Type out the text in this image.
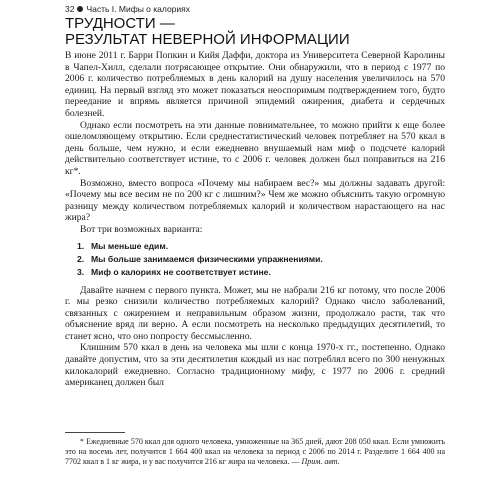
32 Часть I. Мифы о калориях
ТРУДНОСТИ —
РЕЗУЛЬТАТ НЕВЕРНОЙ ИНФОРМАЦИИ

В июне 2011 г. Барри Попкин и Кийя Даффи, доктора из Университета Северной Каролины в Чапел-Хилл, сделали потрясающее открытие. Они обнаружили, что в период с 1977 по 2006 г. количество потребляемых в день калорий на душу населения увеличилось на 570 единиц. На первый взгляд это может показаться неоспоримым подтверждением того, будто переедание и впрямь является причиной эпидемий ожирения, диабета и сердечных болезней.

Однако если посмотреть на эти данные повнимательнее, то можно прийти к еще более ошеломляющему открытию. Если среднестатистический человек потребляет на 570 ккал в день больше, чем нужно, и если ежедневно внушаемый нам миф о подсчете калорий действительно соответствует истине, то с 2006 г. человек должен был поправиться на 216 кг*.

Возможно, вместо вопроса «Почему мы набираем вес?» мы должны задавать другой: «Почему мы все весим не по 200 кг с лишним?» Чем же можно объяснить такую огромную разницу между количеством потребляемых калорий и количеством нарастающего на нас жира?

Вот три возможных варианта:

1. Мы меньше едим.
2. Мы больше занимаемся физическими упражнениями.
3. Миф о калориях не соответствует истине.

Давайте начнем с первого пункта. Может, мы не набрали 216 кг потому, что после 2006 г. мы резко снизили количество потребляемых калорий? Однако число заболеваний, связанных с ожирением и неправильным образом жизни, продолжало расти, так что объяснение вряд ли верно. А если посмотреть на несколько предыдущих десятилетий, то станет ясно, что оно попросту бессмысленно.

Клишним 570 ккал в день на человека мы шли с конца 1970-х гг., постепенно. Однако давайте допустим, что за эти десятилетия каждый из нас потреблял всего по 300 ненужных килокалорий ежедневно. Согласно традиционному мифу, с 1977 по 2006 г. средний американец должен был

* Ежедневные 570 ккал для одного человека, умноженные на 365 дней, дают 208 050 ккал. Если умножить это на восемь лет, получится 1 664 400 ккал на человека за период с 2006 по 2014 г. Разделите 1 664 400 на 7702 ккал в 1 кг жира, и у вас получится 216 кг жира на человека. — Прим. авт.
